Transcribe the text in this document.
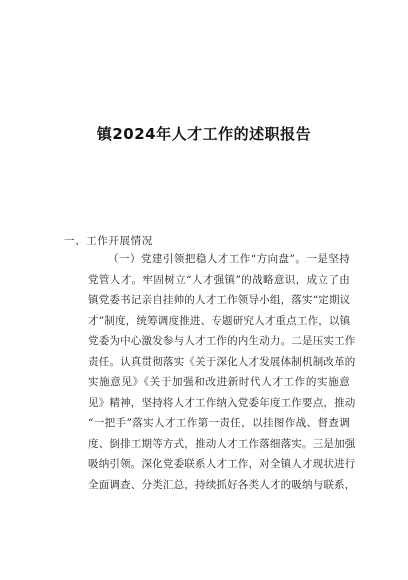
镇2024年人才工作的述职报告
一、工作开展情况
（一）党建引领把稳人才工作“方向盘”。一是坚持
党管人才。牢固树立“人才强镇”的战略意识，成立了由
镇党委书记亲自挂帅的人才工作领导小组，落实“定期议
才”制度，统筹调度推进、专题研究人才重点工作，以镇
党委为中心激发参与人才工作的内生动力。二是压实工作
责任。认真贯彻落实《关于深化人才发展体制机制改革的
实施意见》《关于加强和改进新时代人才工作的实施意
见》精神，坚持将人才工作纳入党委年度工作要点，推动
“一把手”落实人才工作第一责任，以挂图作战、督查调
度、倒排工期等方式，推动人才工作落细落实。三是加强
吸纳引领。深化党委联系人才工作，对全镇人才现状进行
全面调查、分类汇总，持续抓好各类人才的吸纳与联系，
